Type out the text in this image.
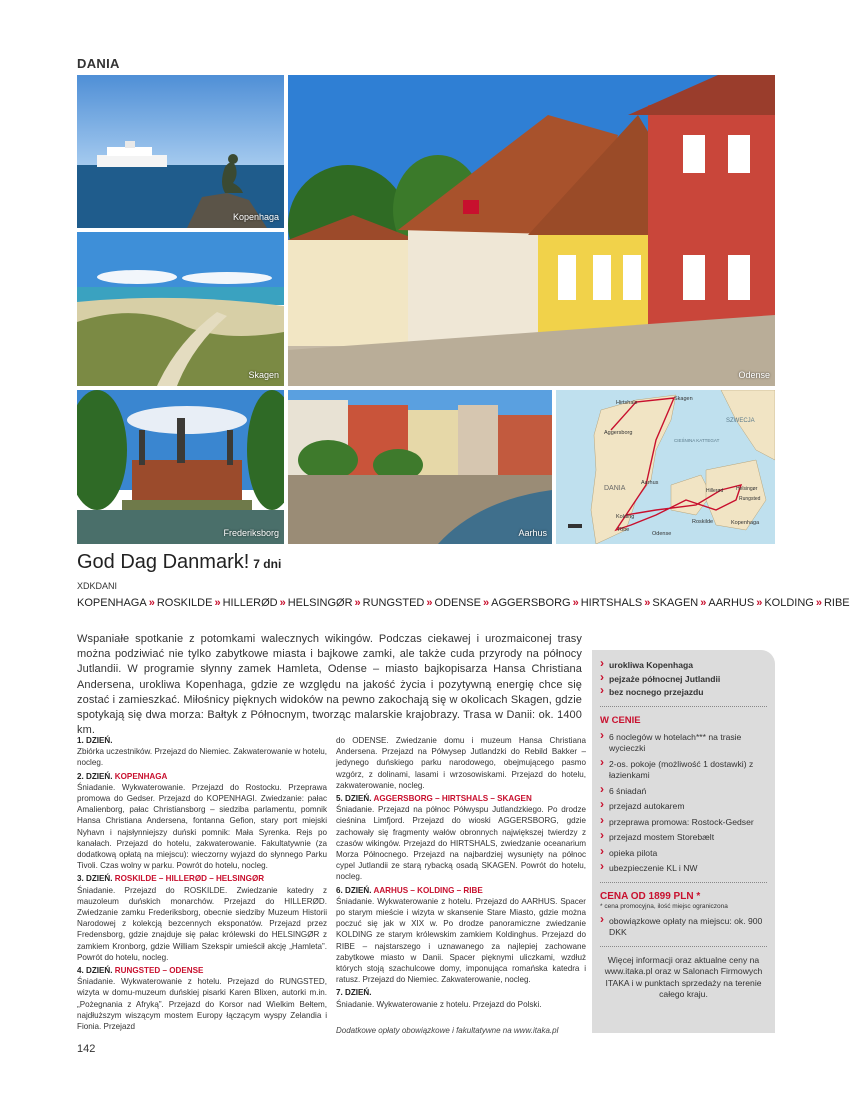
DANIA
Kopenhaga
Odense
Skagen
Frederiksborg	Aarhus
Hirtshals
Skagen
Aggersborg
SZWECJA
CIEŚNINA KATTEGAT
DANIA
Aarhus
Hillerød	Helsingør
Rungsted
Roskilde	Kopenhaga
Kolding
Ribe
Odense
God Dag Danmark! 7 dni
XDKDANI
KOPENHAGA » ROSKILDE » HILLERØD » HELSINGØR » RUNGSTED » ODENSE » AGGERSBORG » HIRTSHALS » SKAGEN » AARHUS » KOLDING » RIBE
Wspaniałe spotkanie z potomkami walecznych wikingów. Podczas ciekawej i urozmaiconej trasy można podziwiać nie tylko zabytkowe miasta i bajkowe zamki, ale także cuda przyrody na północy Jutlandii. W programie słynny zamek Hamleta, Odense – miasto bajkopisarza Hansa Christiana Andersena, urokliwa Kopenhaga, gdzie ze względu na jakość życia i pozytywną energię chce się zostać i zamieszkać. Miłośnicy pięknych widoków na pewno zakochają się w okolicach Skagen, gdzie spotykają się dwa morza: Bałtyk z Północnym, tworząc malarskie krajobrazy. Trasa w Danii: ok. 1400 km.
1. DZIEŃ.
Zbiórka uczestników. Przejazd do Niemiec. Zakwaterowanie w hotelu, nocleg.
2. DZIEŃ. KOPENHAGA
Śniadanie. Wykwaterowanie. Przejazd do Rostocku. Przeprawa promowa do Gedser. Przejazd do KOPENHAGI. Zwiedzanie: pałac Amalienborg, pałac Christiansborg – siedziba parlamentu, pomnik Hansa Christiana Andersena, fontanna Gefion, stary port miejski Nyhavn i najsłynniejszy duński pomnik: Mała Syrenka. Rejs po kanałach. Przejazd do hotelu, zakwaterowanie. Fakultatywnie (za dodatkową opłatą na miejscu): wieczorny wyjazd do słynnego Parku Tivoli. Czas wolny w parku. Powrót do hotelu, nocleg.
3. DZIEŃ. ROSKILDE – HILLERØD – HELSINGØR
Śniadanie. Przejazd do ROSKILDE. Zwiedzanie katedry z mauzoleum duńskich monarchów. Przejazd do HILLERØD. Zwiedzanie zamku Frederiksborg, obecnie siedziby Muzeum Historii Narodowej z kolekcją bezcennych eksponatów. Przejazd przez Fredensborg, gdzie znajduje się pałac królewski do HELSINGØR z zamkiem Kronborg, gdzie William Szekspir umieścił akcję „Hamleta”. Powrót do hotelu, nocleg.
4. DZIEŃ. RUNGSTED – ODENSE
Śniadanie. Wykwaterowanie z hotelu. Przejazd do RUNGSTED, wizyta w domu-muzeum duńskiej pisarki Karen Blixen, autorki m.in. „Pożegnania z Afryką”. Przejazd do Korsor nad Wielkim Bełtem, najdłuższym wiszącym mostem Europy łączącym wyspy Zelandia i Fionia. Przejazd
do ODENSE. Zwiedzanie domu i muzeum Hansa Christiana Andersena. Przejazd na Półwysep Jutlandzki do Rebild Bakker – jedynego duńskiego parku narodowego, obejmującego pasmo wzgórz, z dolinami, lasami i wrzosowiskami. Przejazd do hotelu, zakwaterowanie, nocleg.
5. DZIEŃ. AGGERSBORG – HIRTSHALS – SKAGEN
Śniadanie. Przejazd na północ Półwyspu Jutlandzkiego. Po drodze cieśnina Limfjord. Przejazd do wioski AGGERSBORG, gdzie zachowały się fragmenty wałów obronnych największej twierdzy z czasów wikingów. Przejazd do HIRTSHALS, zwiedzanie oceanarium Morza Północnego. Przejazd na najbardziej wysunięty na północ cypel Jutlandii ze starą rybacką osadą SKAGEN. Powrót do hotelu, nocleg.
6. DZIEŃ. AARHUS – KOLDING – RIBE
Śniadanie. Wykwaterowanie z hotelu. Przejazd do AARHUS. Spacer po starym mieście i wizyta w skansenie Stare Miasto, gdzie można poczuć się jak w XIX w. Po drodze panoramiczne zwiedzanie KOLDING ze starym królewskim zamkiem Koldinghus. Przejazd do RIBE – najstarszego i uznawanego za najlepiej zachowane zabytkowe miasto w Danii. Spacer pięknymi uliczkami, wzdłuż których stoją szachulcowe domy, imponująca romańska katedra i ratusz. Przejazd do Niemiec. Zakwaterowanie, nocleg.
7. DZIEŃ.
Śniadanie. Wykwaterowanie z hotelu. Przejazd do Polski.
Dodatkowe opłaty obowiązkowe i fakultatywne na www.itaka.pl
142
› urokliwa Kopenhaga
› pejzaże północnej Jutlandii
› bez nocnego przejazdu
W CENIE
› 6 noclegów w hotelach*** na trasie wycieczki
› 2-os. pokoje (możliwość 1 dostawki) z łazienkami
› 6 śniadań
› przejazd autokarem
› przeprawa promowa: Rostock-Gedser
› przejazd mostem Storebælt
› opieka pilota
› ubezpieczenie KL i NW
CENA OD 1899 PLN *
* cena promocyjna, ilość miejsc ograniczona
› obowiązkowe opłaty na miejscu: ok. 900 DKK
Więcej informacji oraz aktualne ceny na www.itaka.pl oraz w Salonach Firmowych ITAKA i w punktach sprzedaży na terenie całego kraju.
